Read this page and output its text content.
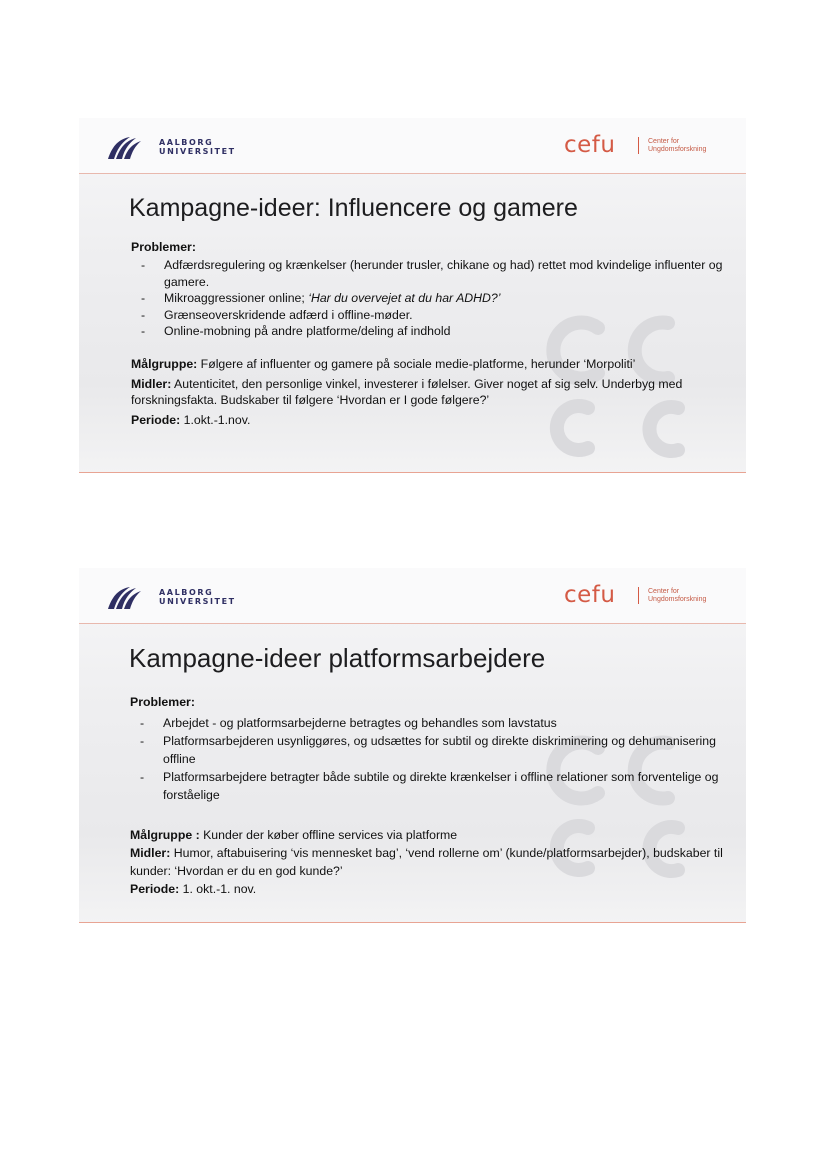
AALBORG
UNIVERSITET	cefu	Center for
Ungdomsforskning
Kampagne-ideer: Influencere og gamere
Problemer:
- Adfærdsregulering og krænkelser (herunder trusler, chikane og had) rettet mod kvindelige influenter og gamere.
- Mikroaggressioner online; ‘Har du overvejet at du har ADHD?’
- Grænseoverskridende adfærd i offline-møder.
- Online-mobning på andre platforme/deling af indhold
Målgruppe: Følgere af influenter og gamere på sociale medie-platforme, herunder ‘Morpoliti’
Midler: Autenticitet, den personlige vinkel, investerer i følelser. Giver noget af sig selv. Underbyg med forskningsfakta. Budskaber til følgere ‘Hvordan er I gode følgere?’
Periode: 1.okt.-1.nov.
AALBORG
UNIVERSITET	cefu	Center for
Ungdomsforskning
Kampagne-ideer platformsarbejdere
Problemer:
- Arbejdet - og platformsarbejderne betragtes og behandles som lavstatus
- Platformsarbejderen usynliggøres, og udsættes for subtil og direkte diskriminering og dehumanisering offline
- Platformsarbejdere betragter både subtile og direkte krænkelser i offline relationer som forventelige og forståelige
Målgruppe : Kunder der køber offline services via platforme
Midler: Humor, aftabuisering ‘vis mennesket bag’, ‘vend rollerne om’ (kunde/platformsarbejder), budskaber til kunder: ‘Hvordan er du en god kunde?’
Periode: 1. okt.-1. nov.
